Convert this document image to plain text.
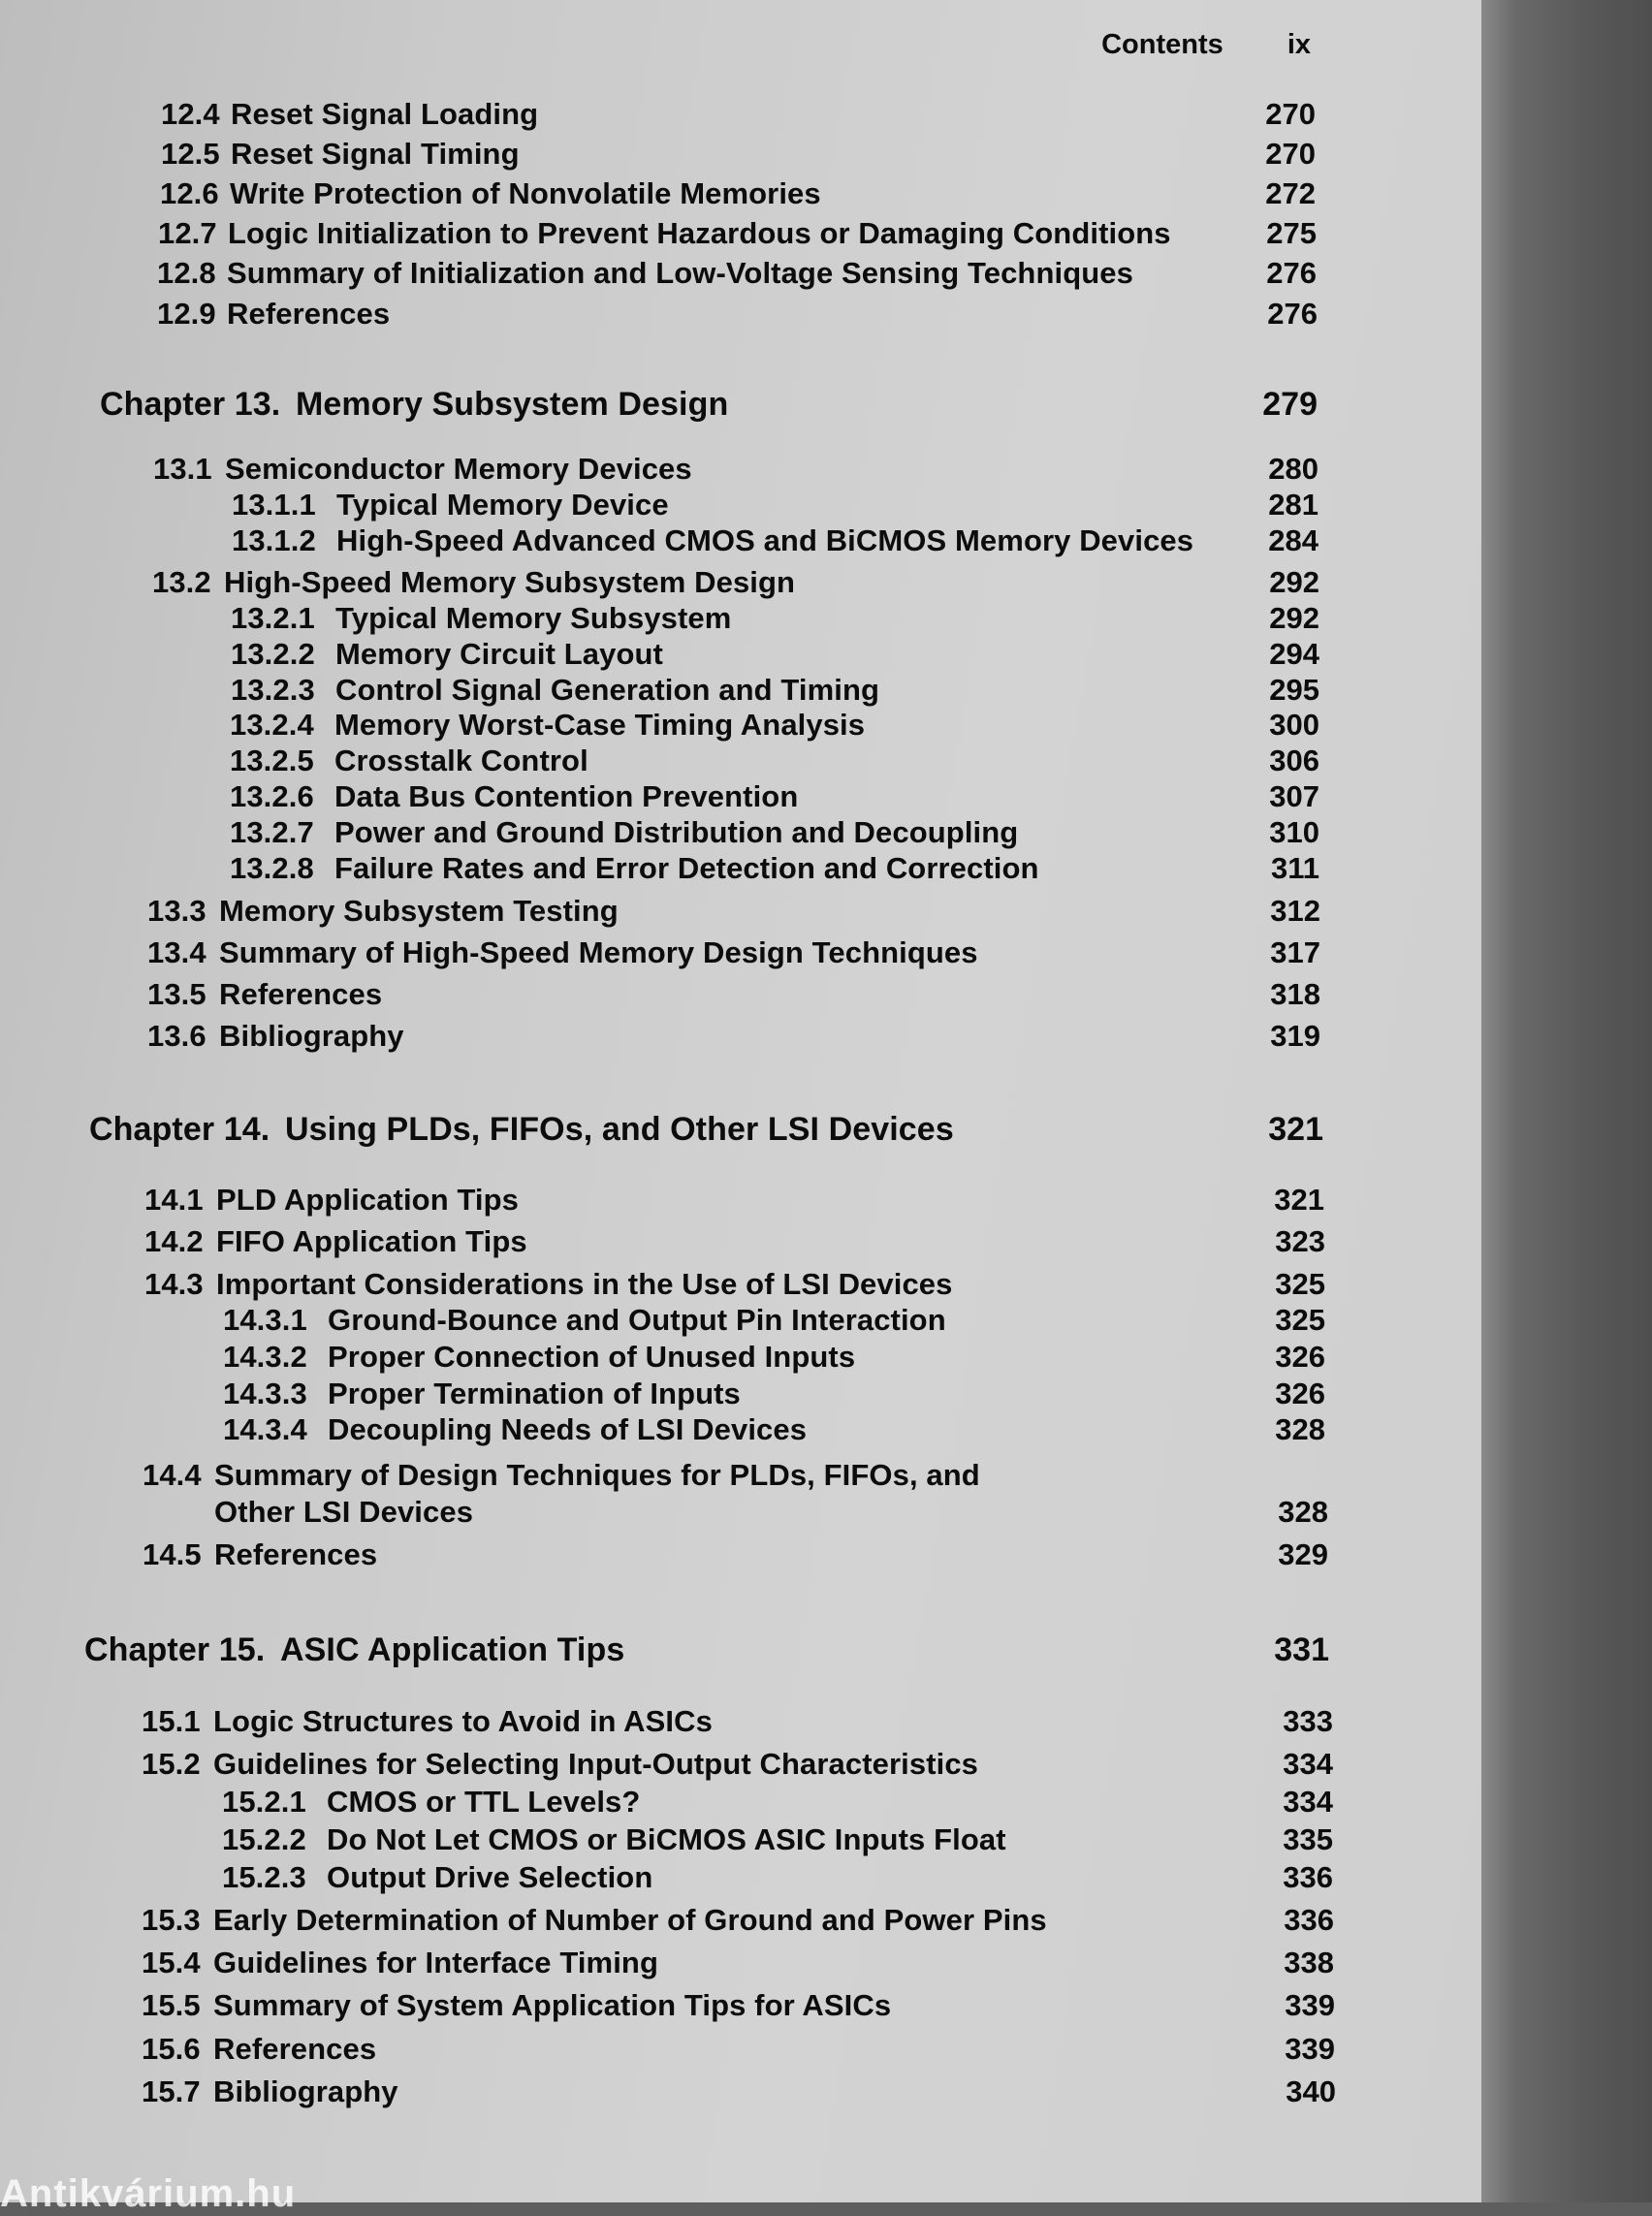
Contents ix
12.4 Reset Signal Loading	270
12.5 Reset Signal Timing	270
12.6 Write Protection of Nonvolatile Memories	272
12.7 Logic Initialization to Prevent Hazardous or Damaging Conditions	275
12.8 Summary of Initialization and Low-Voltage Sensing Techniques	276
12.9 References	276
Chapter 13. Memory Subsystem Design	279
13.1 Semiconductor Memory Devices	280
13.1.1 Typical Memory Device	281
13.1.2 High-Speed Advanced CMOS and BiCMOS Memory Devices	284
13.2 High-Speed Memory Subsystem Design	292
13.2.1 Typical Memory Subsystem	292
13.2.2 Memory Circuit Layout	294
13.2.3 Control Signal Generation and Timing	295
13.2.4 Memory Worst-Case Timing Analysis	300
13.2.5 Crosstalk Control	306
13.2.6 Data Bus Contention Prevention	307
13.2.7 Power and Ground Distribution and Decoupling	310
13.2.8 Failure Rates and Error Detection and Correction	311
13.3 Memory Subsystem Testing	312
13.4 Summary of High-Speed Memory Design Techniques	317
13.5 References	318
13.6 Bibliography	319
Chapter 14. Using PLDs, FIFOs, and Other LSI Devices	321
14.1 PLD Application Tips	321
14.2 FIFO Application Tips	323
14.3 Important Considerations in the Use of LSI Devices	325
14.3.1 Ground-Bounce and Output Pin Interaction	325
14.3.2 Proper Connection of Unused Inputs	326
14.3.3 Proper Termination of Inputs	326
14.3.4 Decoupling Needs of LSI Devices	328
14.4 Summary of Design Techniques for PLDs, FIFOs, and
Other LSI Devices	328
14.5 References	329
Chapter 15. ASIC Application Tips	331
15.1 Logic Structures to Avoid in ASICs	333
15.2 Guidelines for Selecting Input-Output Characteristics	334
15.2.1 CMOS or TTL Levels?	334
15.2.2 Do Not Let CMOS or BiCMOS ASIC Inputs Float	335
15.2.3 Output Drive Selection	336
15.3 Early Determination of Number of Ground and Power Pins	336
15.4 Guidelines for Interface Timing	338
15.5 Summary of System Application Tips for ASICs	339
15.6 References	339
15.7 Bibliography	340
Antikvárium.hu
